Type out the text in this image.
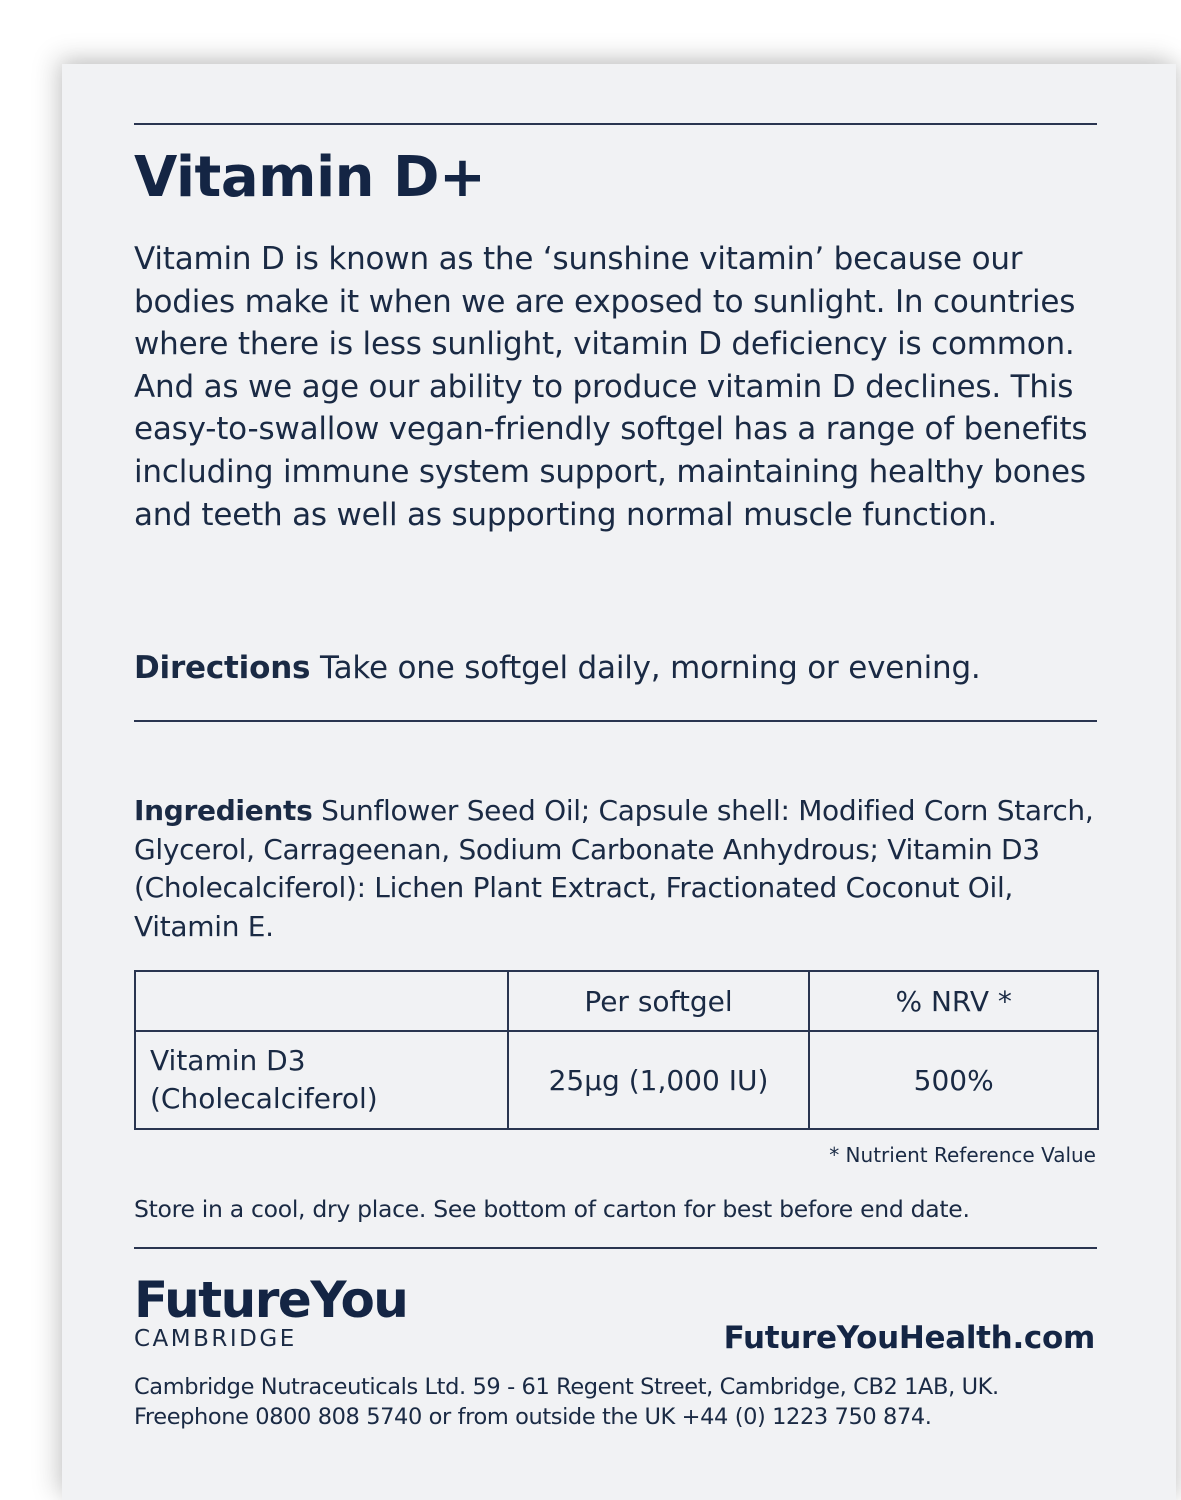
Vitamin D+

Vitamin D is known as the ‘sunshine vitamin’ because our bodies make it when we are exposed to sunlight. In countries where there is less sunlight, vitamin D deficiency is common. And as we age our ability to produce vitamin D declines. This easy-to-swallow vegan-friendly softgel has a range of benefits including immune system support, maintaining healthy bones and teeth as well as supporting normal muscle function.

Directions Take one softgel daily, morning or evening.

Ingredients Sunflower Seed Oil; Capsule shell: Modified Corn Starch, Glycerol, Carrageenan, Sodium Carbonate Anhydrous; Vitamin D3 (Cholecalciferol): Lichen Plant Extract, Fractionated Coconut Oil, Vitamin E.

	Per softgel	% NRV *

Vitamin D3
(Cholecalciferol)	25µg (1,000 IU)	500%
* Nutrient Reference Value
Store in a cool, dry place. See bottom of carton for best before end date.
FutureYou
CAMBRIDGE	FutureYouHealth.com
Cambridge Nutraceuticals Ltd. 59 - 61 Regent Street, Cambridge, CB2 1AB, UK.
Freephone 0800 808 5740 or from outside the UK +44 (0) 1223 750 874.
